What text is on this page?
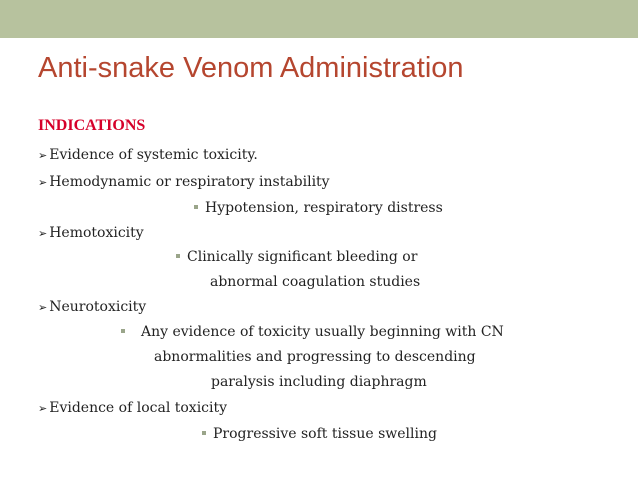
Anti-snake Venom Administration
INDICATIONS
➢ Evidence of systemic toxicity.
➢ Hemodynamic or respiratory instability
Hypotension, respiratory distress
➢ Hemotoxicity
Clinically significant bleeding or
abnormal coagulation studies
➢ Neurotoxicity
Any evidence of toxicity usually beginning with CN
abnormalities and progressing to descending
paralysis including diaphragm
➢ Evidence of local toxicity
Progressive soft tissue swelling
